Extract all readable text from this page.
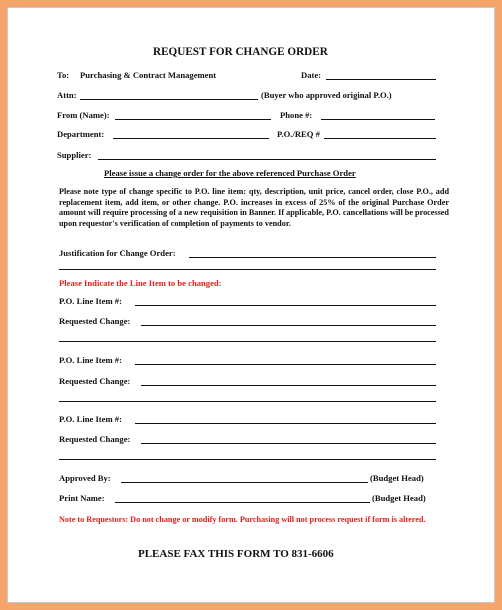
REQUEST FOR CHANGE ORDER
To: Purchasing & Contract Management	Date:
Attn:	(Buyer who approved original P.O.)
From (Name):	Phone #:
Department:	P.O./REQ #
Supplier:
Please issue a change order for the above referenced Purchase Order
Please note type of change specific to P.O. line item: qty, description, unit price, cancel order, close P.O., add replacement item, add item, or other change. P.O. increases in excess of 25% of the original Purchase Order amount will require processing of a new requisition in Banner. If applicable, P.O. cancellations will be processed upon requestor's verification of completion of payments to vendor.
Justification for Change Order:
Please Indicate the Line Item to be changed:
P.O. Line Item #:
Requested Change:
P.O. Line Item #:
Requested Change:
P.O. Line Item #:
Requested Change:
Approved By:	(Budget Head)
Print Name:	(Budget Head)
Note to Requestors: Do not change or modify form. Purchasing will not process request if form is altered.
PLEASE FAX THIS FORM TO 831-6606
